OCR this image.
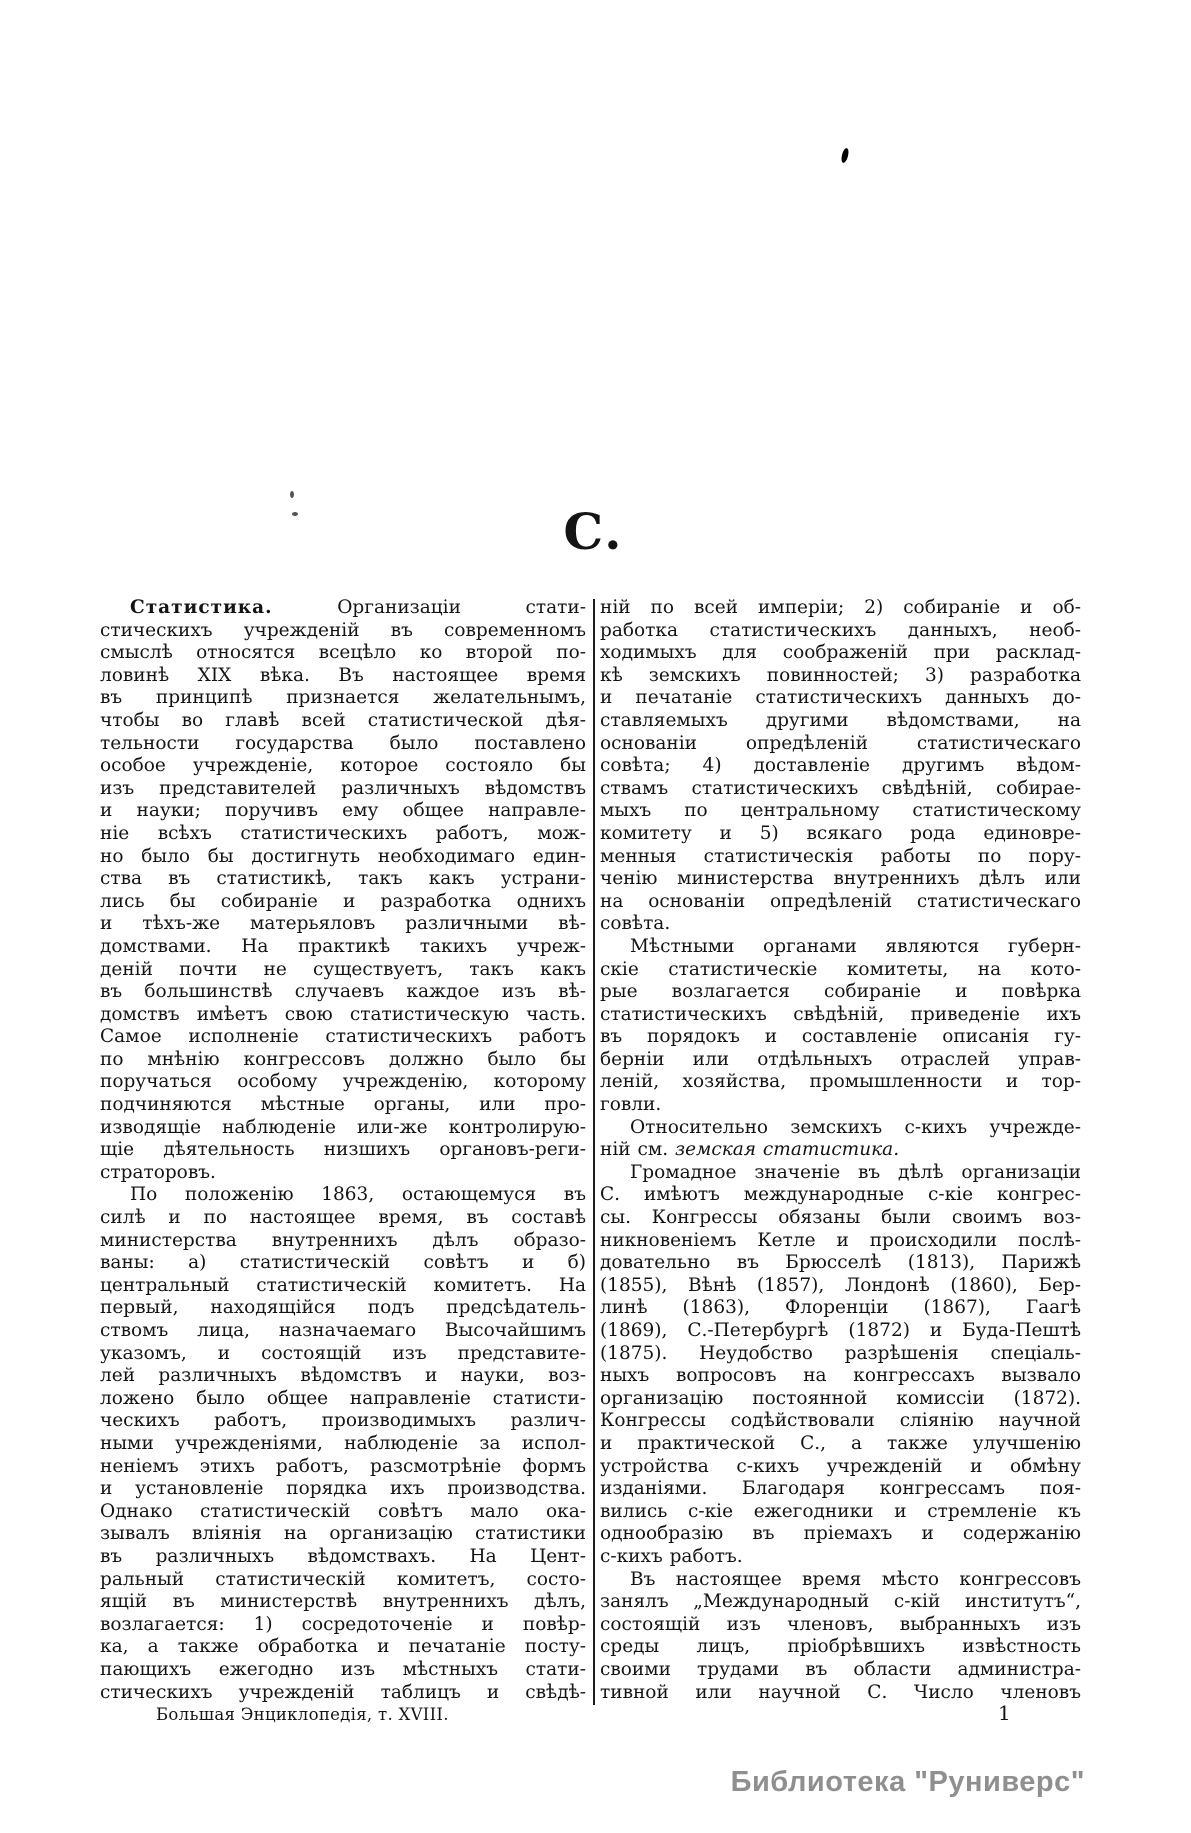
С.
Статистика. Организаціи стати-
стическихъ учрежденій въ современномъ
смыслѣ относятся всецѣло ко второй по-
ловинѣ XIX вѣка. Въ настоящее время
въ принципѣ признается желательнымъ,
чтобы во главѣ всей статистической дѣя-
тельности государства было поставлено
особое учрежденіе, которое состояло бы
изъ представителей различныхъ вѣдомствъ
и науки; поручивъ ему общее направле-
ніе всѣхъ статистическихъ работъ, мож-
но было бы достигнуть необходимаго един-
ства въ статистикѣ, такъ какъ устрани-
лись бы собираніе и разработка однихъ
и тѣхъ-же матерьяловъ различными вѣ-
домствами. На практикѣ такихъ учреж-
деній почти не существуетъ, такъ какъ
въ большинствѣ случаевъ каждое изъ вѣ-
домствъ имѣетъ свою статистическую часть.
Самое исполненіе статистическихъ работъ
по мнѣнію конгрессовъ должно было бы
поручаться особому учрежденію, которому
подчиняются мѣстные органы, или про-
изводящіе наблюденіе или-же контролирую-
щіе дѣятельность низшихъ органовъ-реги-
страторовъ.
По положенію 1863, остающемуся въ
силѣ и по настоящее время, въ составѣ
министерства внутреннихъ дѣлъ образо-
ваны: а) статистическій совѣтъ и б)
центральный статистическій комитетъ. На
первый, находящійся подъ предсѣдатель-
ствомъ лица, назначаемаго Высочайшимъ
указомъ, и состоящій изъ представите-
лей различныхъ вѣдомствъ и науки, воз-
ложено было общее направленіе статисти-
ческихъ работъ, производимыхъ различ-
ными учрежденіями, наблюденіе за испол-
неніемъ этихъ работъ, разсмотрѣніе формъ
и установленіе порядка ихъ производства.
Однако статистическій совѣтъ мало ока-
зывалъ вліянія на организацію статистики
въ различныхъ вѣдомствахъ. На Цент-
ральный статистическій комитетъ, состо-
ящій въ министерствѣ внутреннихъ дѣлъ,
возлагается: 1) сосредоточеніе и повѣр-
ка, а также обработка и печатаніе посту-
пающихъ ежегодно изъ мѣстныхъ стати-
стическихъ учрежденій таблицъ и свѣдѣ-
ній по всей имперіи; 2) собираніе и об-
работка статистическихъ данныхъ, необ-
ходимыхъ для соображеній при расклад-
кѣ земскихъ повинностей; 3) разработка
и печатаніе статистическихъ данныхъ до-
ставляемыхъ другими вѣдомствами, на
основаніи опредѣленій статистическаго
совѣта; 4) доставленіе другимъ вѣдом-
ствамъ статистическихъ свѣдѣній, собирае-
мыхъ по центральному статистическому
комитету и 5) всякаго рода единовре-
менныя статистическія работы по пору-
ченію министерства внутреннихъ дѣлъ или
на основаніи опредѣленій статистическаго
совѣта.
Мѣстными органами являются губерн-
скіе статистическіе комитеты, на кото-
рые возлагается собираніе и повѣрка
статистическихъ свѣдѣній, приведеніе ихъ
въ порядокъ и составленіе описанія гу-
берніи или отдѣльныхъ отраслей управ-
леній, хозяйства, промышленности и тор-
говли.
Относительно земскихъ с-кихъ учрежде-
ній см. земская статистика.
Громадное значеніе въ дѣлѣ организаціи
С. имѣютъ международные с-кіе конгрес-
сы. Конгрессы обязаны были своимъ воз-
никновеніемъ Кетле и происходили послѣ-
довательно въ Брюсселѣ (1813), Парижѣ
(1855), Вѣнѣ (1857), Лондонѣ (1860), Бер-
линѣ (1863), Флоренціи (1867), Гаагѣ
(1869), С.-Петербургѣ (1872) и Буда-Пештѣ
(1875). Неудобство разрѣшенія спеціаль-
ныхъ вопросовъ на конгрессахъ вызвало
организацію постоянной комиссіи (1872).
Конгрессы содѣйствовали сліянію научной
и практической С., а также улучшенію
устройства с-кихъ учрежденій и обмѣну
изданіями. Благодаря конгрессамъ поя-
вились с-кіе ежегодники и стремленіе къ
однообразію въ пріемахъ и содержанію
с-кихъ работъ.
Въ настоящее время мѣсто конгрессовъ
занялъ „Международный с-кій институтъ“,
состоящій изъ членовъ, выбранныхъ изъ
среды лицъ, пріобрѣвшихъ извѣстность
своими трудами въ области администра-
тивной или научной С. Число членовъ
Большая Энциклопедія, т. XVIII.	1
Библиотека "Руниверс"
